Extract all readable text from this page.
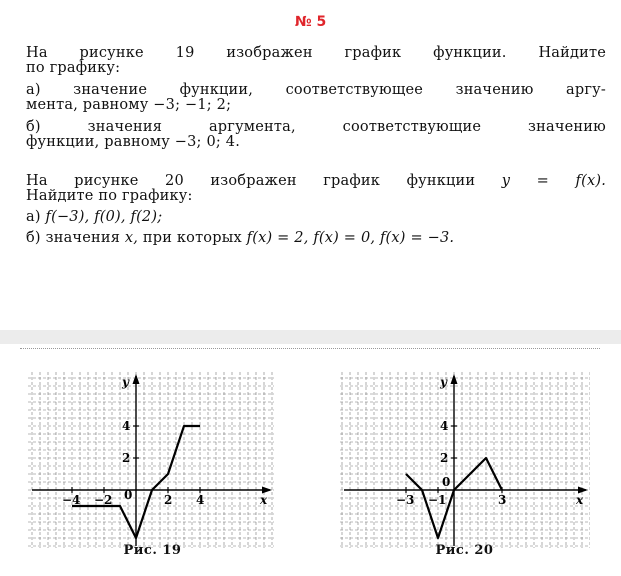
№ 5

На рисунке 19 изображен график функции. Найдите

по графику:

а) значение функции, соответствующее значению аргу-

мента, равному −3; −1; 2;

б) значения аргумента, соответствующие значению

функции, равному −3; 0; 4.

На рисунке 20 изображен график функции y = f(x).

Найдите по графику:

а) f(−3), f(0), f(2);

б) значения x, при которых f(x) = 2, f(x) = 0, f(x) = −3.

x
y
0
−4 −2	2 4
2
4
Рис. 19
x
y
0
−3 −1	3
2
4
Рис. 20
